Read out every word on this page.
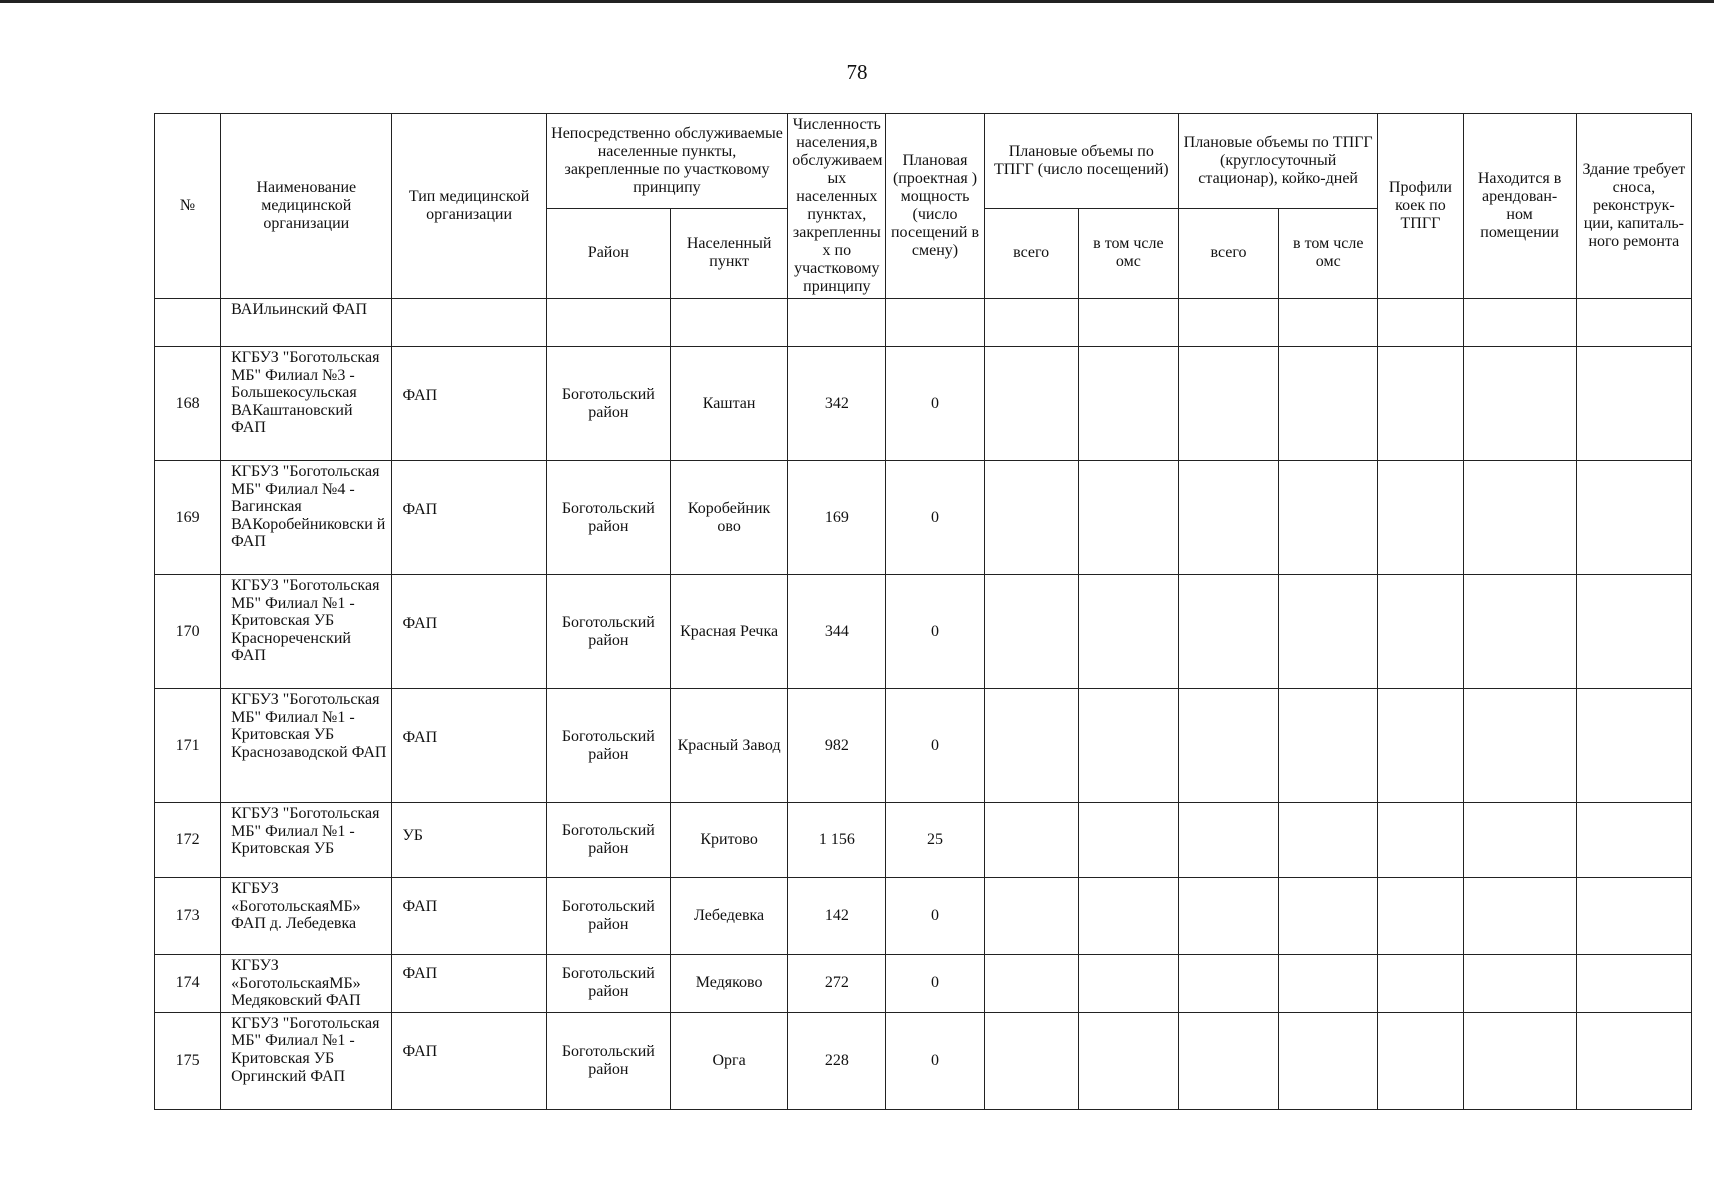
78
№	Наименование медицинской организации	Тип медицинской организации	Непосредственно обслуживаемые населенные пункты, закрепленные по участковому принципу		Численность населения,в обслуживаем ых населенных пунктах, закрепленны х по участковому принципу	Плановая (проектная ) мощность (число посещений в смену)	Плановые объемы по ТПГГ (число посещений)		Плановые объемы по ТПГГ (круглосуточный стационар), койко-дней		Профили коек по ТПГГ	Находится в арендован- ном помещении	Здание требует сноса, реконструк- ции, капиталь- ного ремонта
			Район	Населенный пункт			всего	в том чсле омс	всего	в том чсле омс			
	ВАИльинский ФАП												
168	КГБУЗ "Боготольская МБ" Филиал №3 - Большекосульская ВАКаштановский ФАП	ФАП	Боготольский район	Каштан	342	0							
169	КГБУЗ "Боготольская МБ" Филиал №4 - Вагинская ВАКоробейниковски й ФАП	ФАП	Боготольский район	Коробейник ово	169	0							
170	КГБУЗ "Боготольская МБ" Филиал №1 - Критовская УБ Краснореченский ФАП	ФАП	Боготольский район	Красная Речка	344	0							
171	КГБУЗ "Боготольская МБ" Филиал №1 - Критовская УБ Краснозаводской ФАП	ФАП	Боготольский район	Красный Завод	982	0							
172	КГБУЗ "Боготольская МБ" Филиал №1 - Критовская УБ	УБ	Боготольский район	Критово	1 156	25							
173	КГБУЗ «БоготольскаяМБ» ФАП д. Лебедевка	ФАП	Боготольский район	Лебедевка	142	0							
174	КГБУЗ «БоготольскаяМБ» Медяковский ФАП	ФАП	Боготольский район	Медяково	272	0							
175	КГБУЗ "Боготольская МБ" Филиал №1 - Критовская УБ Оргинский ФАП	ФАП	Боготольский район	Орга	228	0							
